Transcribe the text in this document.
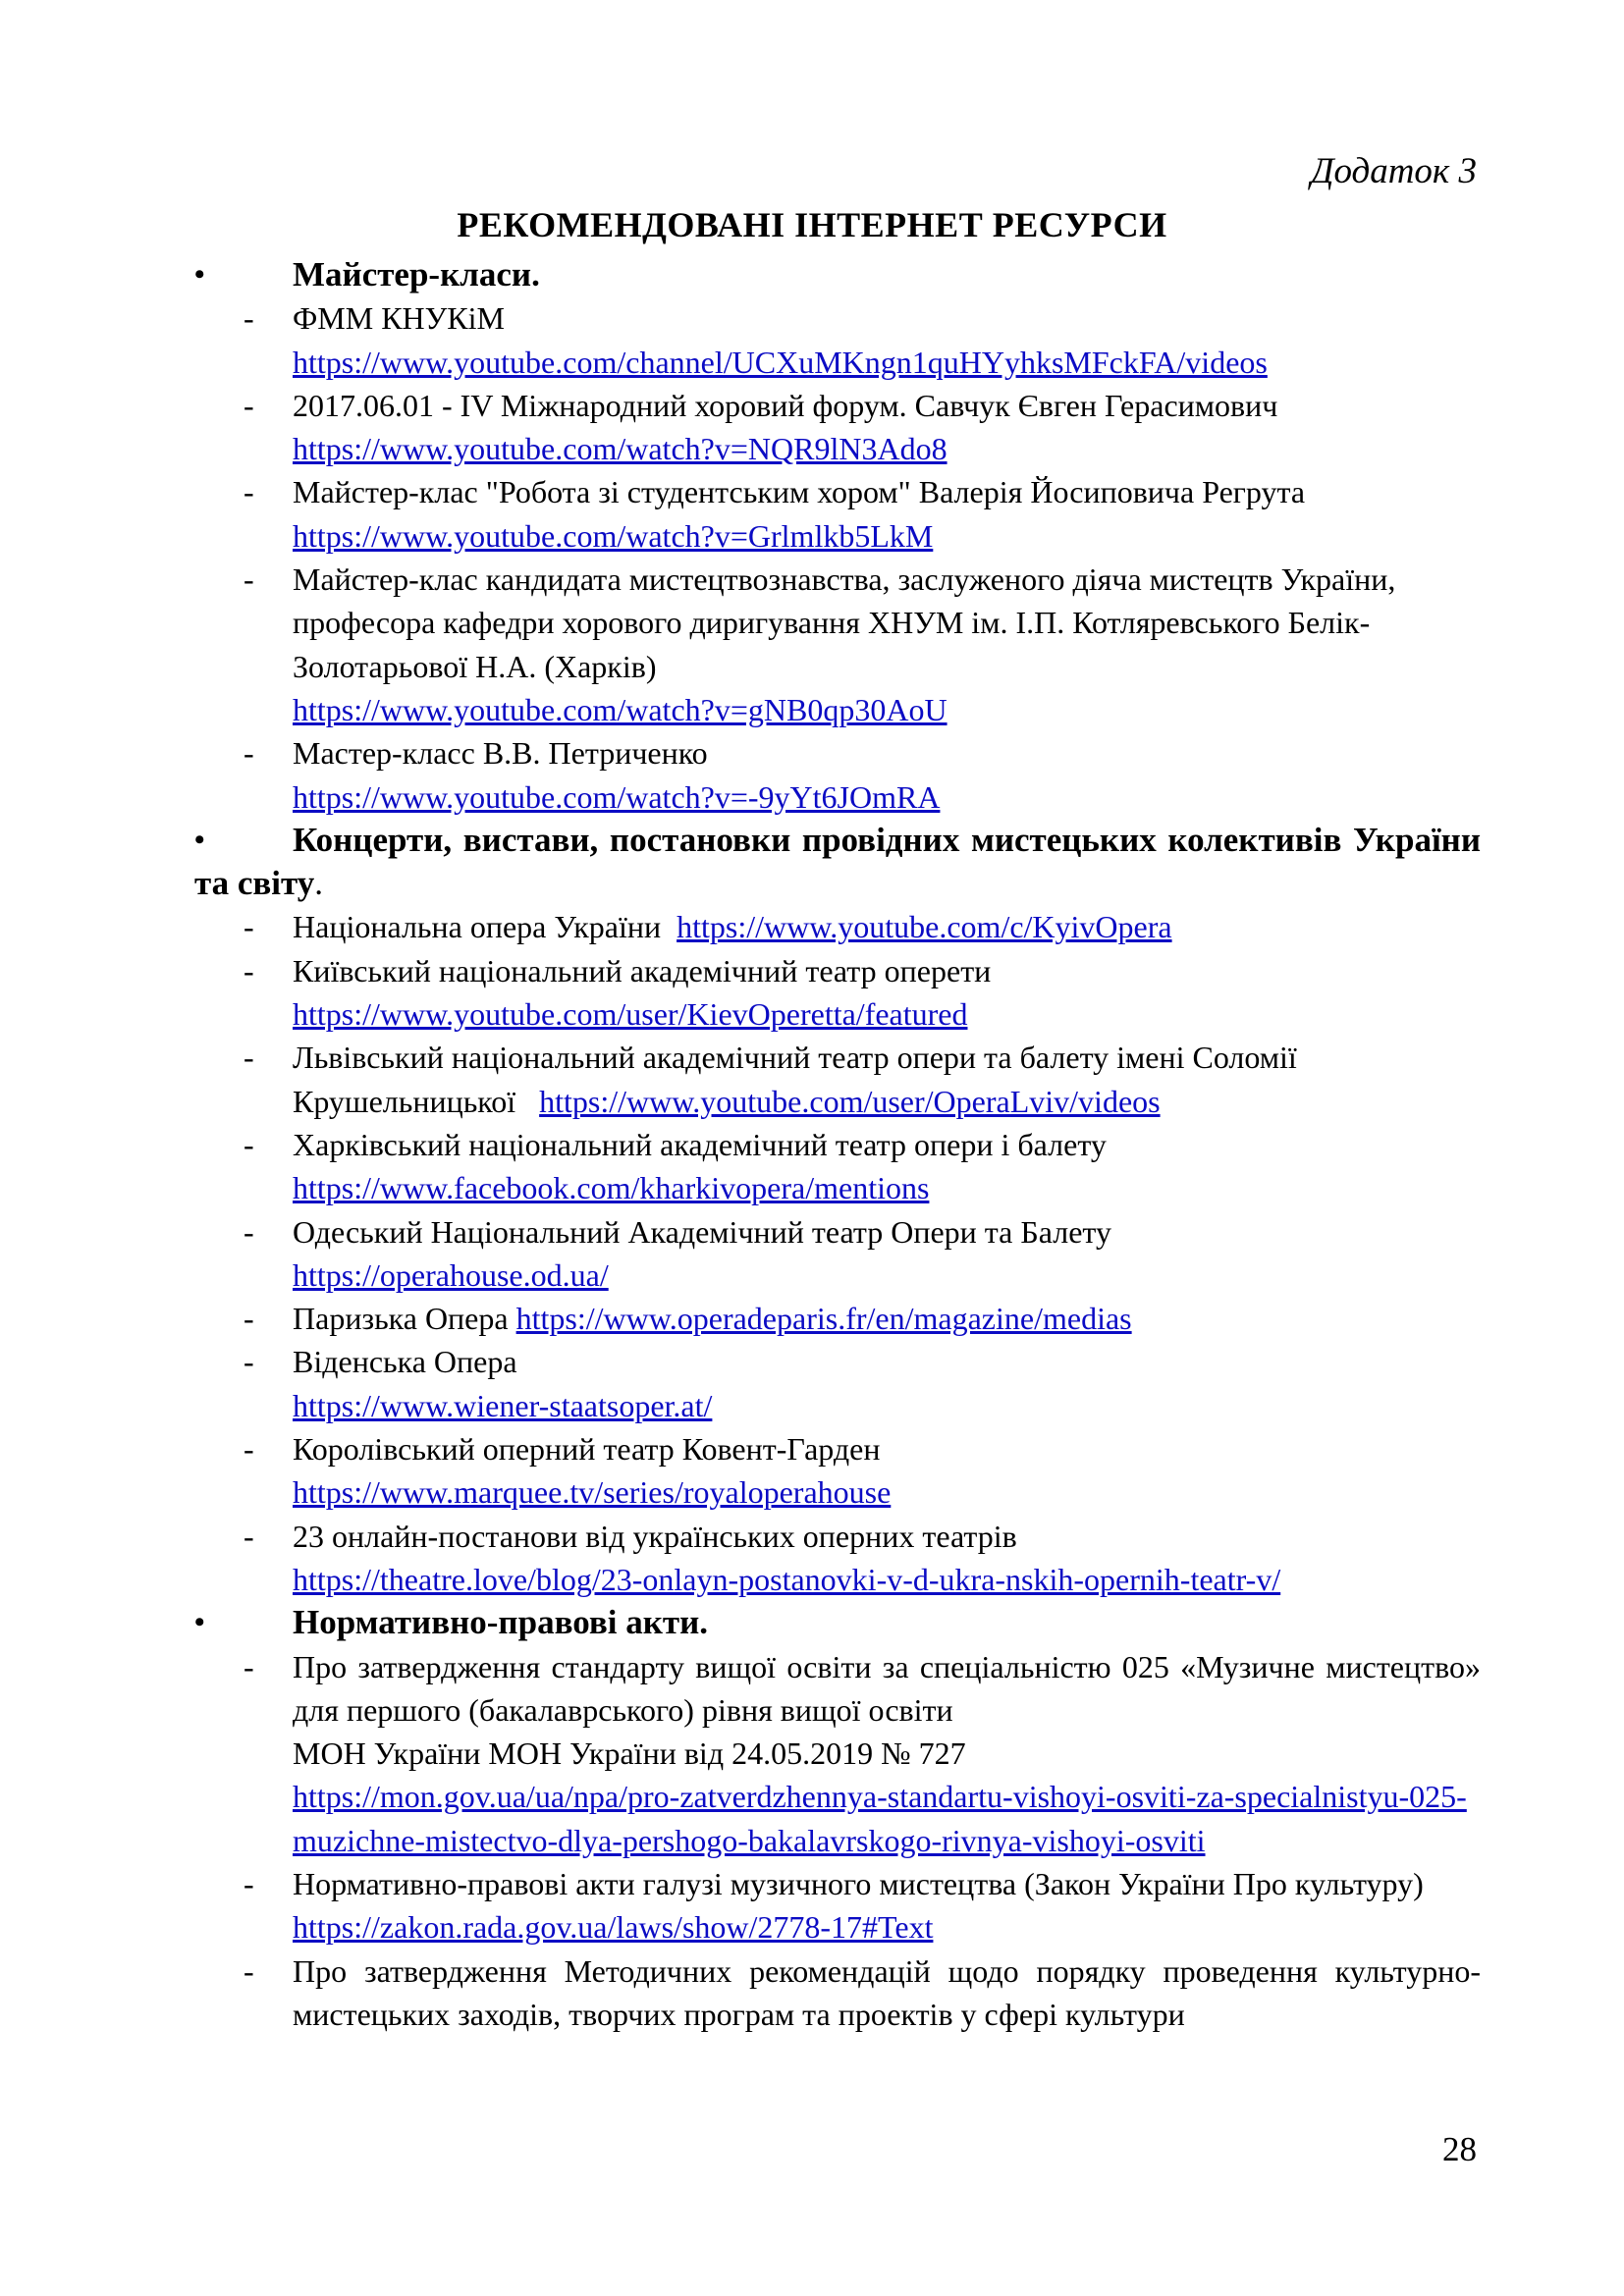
Додаток 3
РЕКОМЕНДОВАНІ ІНТЕРНЕТ РЕСУРСИ
•	Майстер-класи.
- ФММ КНУКіМ
https://www.youtube.com/channel/UCXuMKngn1quHYyhksMFckFA/videos
- 2017.06.01 - IV Міжнародний хоровий форум. Савчук Євген Герасимович
https://www.youtube.com/watch?v=NQR9lN3Ado8
- Майстер-клас "Робота зі студентським хором" Валерія Йосиповича Регрута
https://www.youtube.com/watch?v=Grlmlkb5LkM
- Майстер-клас кандидата мистецтвознавства, заслуженого діяча мистецтв України, професора кафедри хорового диригування ХНУМ ім. І.П. Котляревського Белік-Золотарьової Н.А. (Харків)
https://www.youtube.com/watch?v=gNB0qp30AoU
- Мастер-класс В.В. Петриченко
https://www.youtube.com/watch?v=-9yYt6JOmRA
•	Концерти, вистави, постановки провідних мистецьких колективів України та світу.
- Національна опера України https://www.youtube.com/c/KyivOpera
- Київський національний академічний театр оперети
https://www.youtube.com/user/KievOperetta/featured
- Львівський національний академічний театр опери та балету імені Соломії Крушельницької https://www.youtube.com/user/OperaLviv/videos
- Харківський національний академічний театр опери і балету
https://www.facebook.com/kharkivopera/mentions
- Одеський Національний Академічний театр Опери та Балету
https://operahouse.od.ua/
- Паризька Опера https://www.operadeparis.fr/en/magazine/medias
- Віденська Опера
https://www.wiener-staatsoper.at/
- Королівський оперний театр Ковент-Гарден
https://www.marquee.tv/series/royaloperahouse
- 23 онлайн-постанови від українських оперних театрів
https://theatre.love/blog/23-onlayn-postanovki-v-d-ukra-nskih-opernih-teatr-v/
•	Нормативно-правові акти.
- Про затвердження стандарту вищої освіти за спеціальністю 025 «Музичне мистецтво» для першого (бакалаврського) рівня вищої освіти
МОН України МОН України від 24.05.2019 № 727
https://mon.gov.ua/ua/npa/pro-zatverdzhennya-standartu-vishoyi-osviti-za-specialnistyu-025-muzichne-mistectvo-dlya-pershogo-bakalavrskogo-rivnya-vishoyi-osviti
- Нормативно-правові акти галузі музичного мистецтва (Закон України Про культуру)
https://zakon.rada.gov.ua/laws/show/2778-17#Text
- Про затвердження Методичних рекомендацій щодо порядку проведення культурно-мистецьких заходів, творчих програм та проектів у сфері культури
28
